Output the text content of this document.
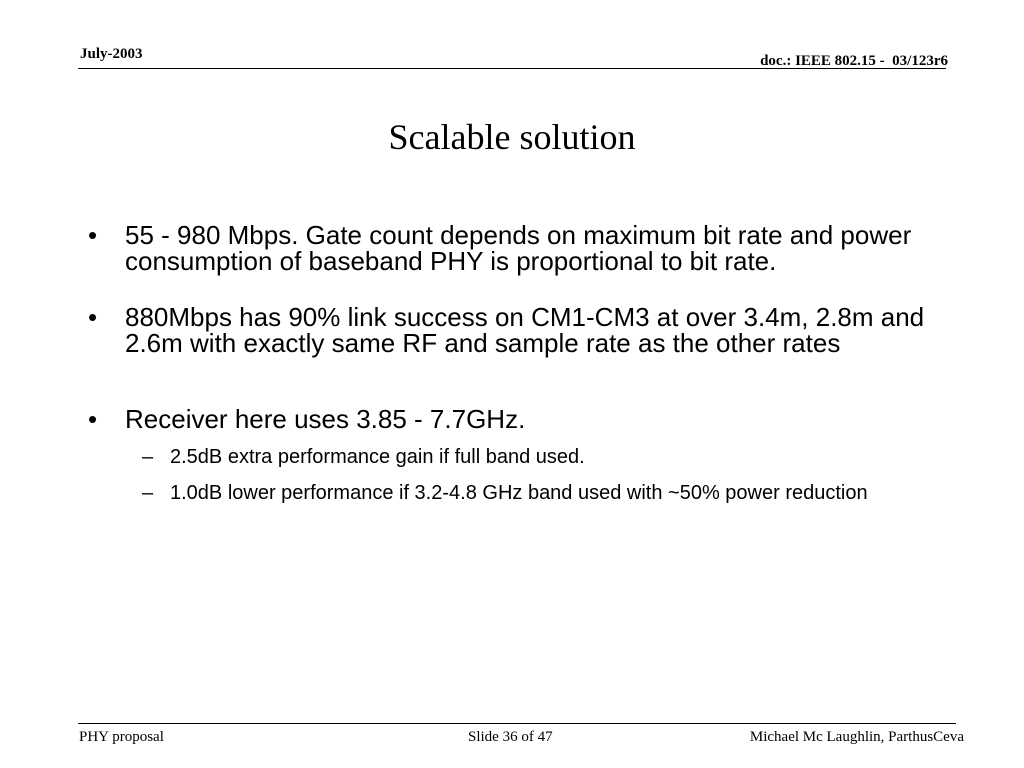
July-2003	doc.: IEEE 802.15 -  03/123r6
Scalable solution
•	55 - 980 Mbps. Gate count depends on maximum bit rate and power consumption of baseband PHY is proportional to bit rate.
•	880Mbps has 90% link success on CM1-CM3 at over 3.4m, 2.8m and 2.6m with exactly same RF and sample rate as the other rates
•	Receiver here uses 3.85 - 7.7GHz.
– 2.5dB extra performance gain if full band used.
– 1.0dB lower performance if 3.2-4.8 GHz band used with ~50% power reduction
PHY proposal	Slide 36 of 47	Michael Mc Laughlin, ParthusCeva
